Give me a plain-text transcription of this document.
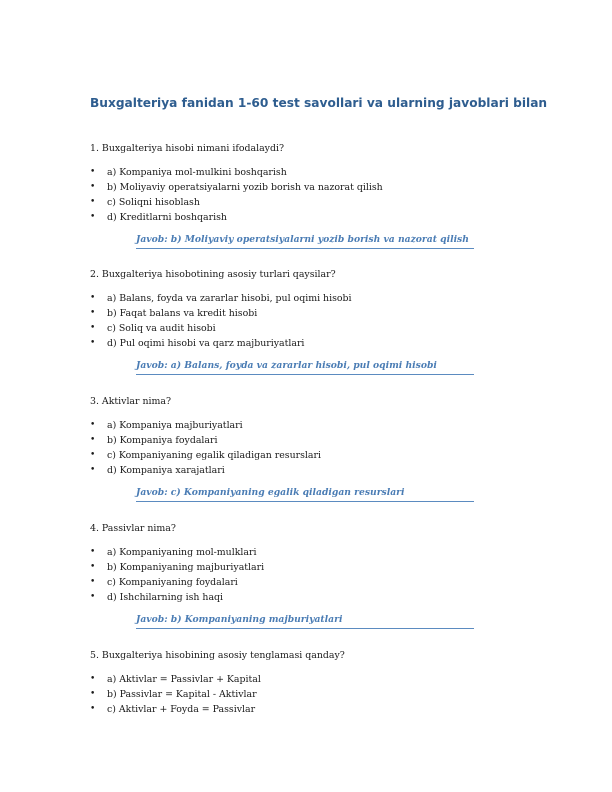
Buxgalteriya fanidan 1-60 test savollari va ularning javoblari bilan

1. Buxgalteriya hisobi nimani ifodalaydi?

• a) Kompaniya mol-mulkini boshqarish
• b) Moliyaviy operatsiyalarni yozib borish va nazorat qilish
• c) Soliqni hisoblash
• d) Kreditlarni boshqarish
Javob: b) Moliyaviy operatsiyalarni yozib borish va nazorat qilish

2. Buxgalteriya hisobotining asosiy turlari qaysilar?

• a) Balans, foyda va zararlar hisobi, pul oqimi hisobi
• b) Faqat balans va kredit hisobi
• c) Soliq va audit hisobi
• d) Pul oqimi hisobi va qarz majburiyatlari
Javob: a) Balans, foyda va zararlar hisobi, pul oqimi hisobi

3. Aktivlar nima?

• a) Kompaniya majburiyatlari
• b) Kompaniya foydalari
• c) Kompaniyaning egalik qiladigan resurslari
• d) Kompaniya xarajatlari
Javob: c) Kompaniyaning egalik qiladigan resurslari

4. Passivlar nima?

• a) Kompaniyaning mol-mulklari
• b) Kompaniyaning majburiyatlari
• c) Kompaniyaning foydalari
• d) Ishchilarning ish haqi
Javob: b) Kompaniyaning majburiyatlari

5. Buxgalteriya hisobining asosiy tenglamasi qanday?

• a) Aktivlar = Passivlar + Kapital
• b) Passivlar = Kapital - Aktivlar
• c) Aktivlar + Foyda = Passivlar
